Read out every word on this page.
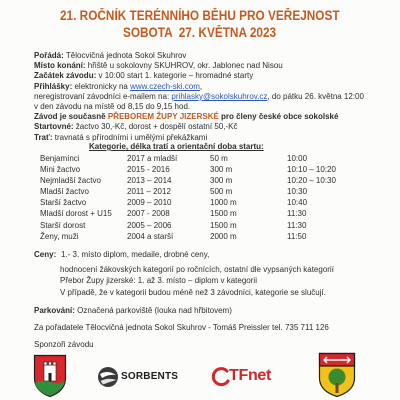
21. ROČNÍK TERÉNNÍHO BĚHU PRO VEŘEJNOST
SOBOTA  27. KVĚTNA 2023
Pořádá: Tělocvičná jednota Sokol Skuhrov
Místo konání: hřiště u sokolovny SKUHROV, okr. Jablonec nad Nisou
Začátek závodu: v 10:00 start 1. kategorie – hromadné starty
Přihlášky: elektronicky na www.czech-ski.com,
neregistrovaní závodníci e-mailem na: prihlasky@sokolskuhrov.cz, do pátku 26. května 12:00
v den závodu na místě od 8,15 do 9,15 hod.
Závod je současně PŘEBOREM ŽUPY JIZERSKÉ pro členy české obce sokolské
Startovné: žactvo 30,-Kč, dorost + dospělí ostatní 50,-Kč
Trať: travnatá s přírodními i umělými překážkami
Kategorie, délka tratí a orientační doba startu:
Benjamínci	2017 a mladší	50 m	10:00
Mini žactvo	2015 - 2016	300 m	10:10 – 10:20
Nejmladší žactvo	2013 – 2014	300 m	10:20 – 10:30
Mladší žactvo	2011 – 2012	500 m	10:30
Starší žactvo	2009 – 2010	1000 m	10:40
Mladší dorost + U15 2007 - 2008	1500 m	11:30
Starší dorost	2005 – 2006	1500 m	11:30
Ženy, muži	2004 a starší	2000 m	11:50
Ceny: 1.- 3. místo diplom, medaile, drobné ceny,
hodnocení žákovských kategorií po ročnících, ostatní dle vypsaných kategorií
Přebor Župy jizerské: 1. až 3. místo – diplom v kategorii
V případě, že v kategorii budou méně než 3 závodníci, kategorie se slučují.
Parkování: Označená parkoviště (louka nad hřbitovem)
Za pořadatele Tělocvičná jednota Sokol Skuhrov - Tomáš Preissler tel. 735 711 126
Sponzoři závodu
SORBENTS	TFnet
